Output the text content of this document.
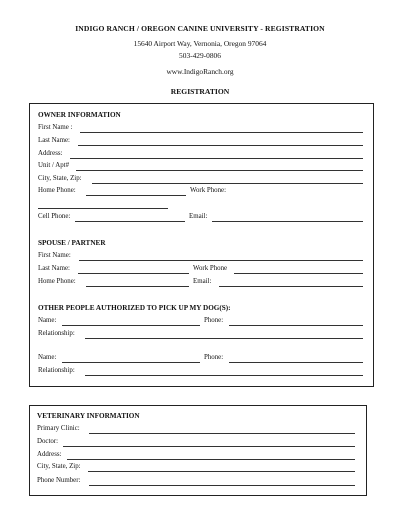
INDIGO RANCH / OREGON CANINE UNIVERSITY - REGISTRATION
15640 Airport Way, Vernonia, Oregon 97064
503-429-0806
www.IndigoRanch.org
REGISTRATION
OWNER INFORMATION
First Name :
Last Name:
Address:
Unit / Apt#
City, State, Zip:
Home Phone:	Work Phone:
Cell Phone:	Email:
SPOUSE / PARTNER
First Name:
Last Name:	Work Phone
Home Phone:	Email:
OTHER PEOPLE AUTHORIZED TO PICK UP MY DOG(S):
Name:	Phone:
Relationship:
Name:	Phone:
Relationship:
VETERINARY INFORMATION
Primary Clinic:
Doctor:
Address:
City, State, Zip:
Phone Number:
